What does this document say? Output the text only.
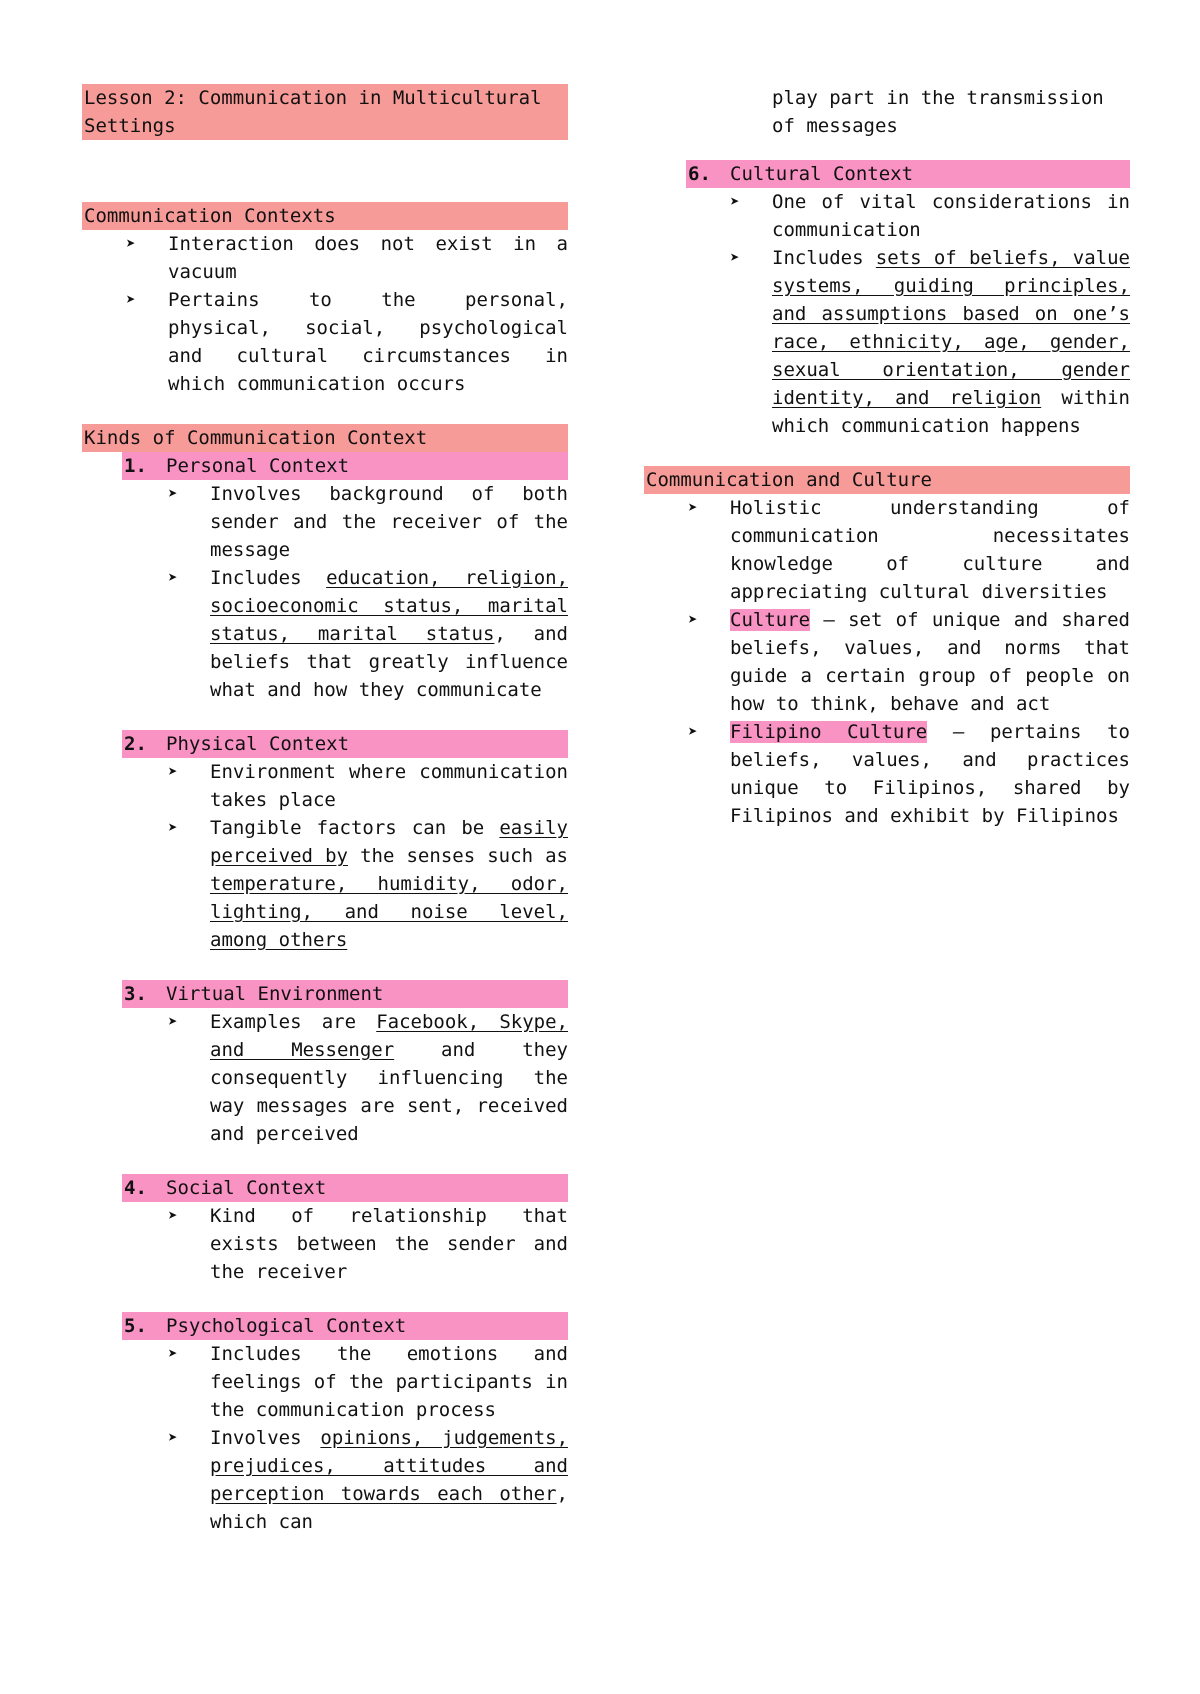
Lesson 2: Communication in Multicultural Settings
Communication Contexts
➤	Interaction does not exist in a vacuum
➤	Pertains to the personal, physical, social, psychological and cultural circumstances in which communication occurs
Kinds of Communication Context
1.	Personal Context
➤	Involves background of both sender and the receiver of the message
➤	Includes education, religion, socioeconomic status, marital status, marital status, and beliefs that greatly influence what and how they communicate
2.	Physical Context
➤	Environment where communication takes place
➤	Tangible factors can be easily perceived by the senses such as temperature, humidity, odor, lighting, and noise level, among others
3.	Virtual Environment
➤	Examples are Facebook, Skype, and Messenger and they consequently influencing the way messages are sent, received and perceived
4.	Social Context
➤	Kind of relationship that exists between the sender and the receiver
5.	Psychological Context
➤	Includes the emotions and feelings of the participants in the communication process
➤	Involves opinions, judgements, prejudices, attitudes and perception towards each other, which can
play part in the transmission of messages
6.	Cultural Context
➤	One of vital considerations in communication
➤	Includes sets of beliefs, value systems, guiding principles, and assumptions based on one’s race, ethnicity, age, gender, sexual orientation, gender identity, and religion within which communication happens
Communication and Culture
➤	Holistic understanding of communication necessitates knowledge of culture and appreciating cultural diversities
➤	Culture – set of unique and shared beliefs, values, and norms that guide a certain group of people on how to think, behave and act
➤	Filipino Culture – pertains to beliefs, values, and practices unique to Filipinos, shared by Filipinos and exhibit by Filipinos
